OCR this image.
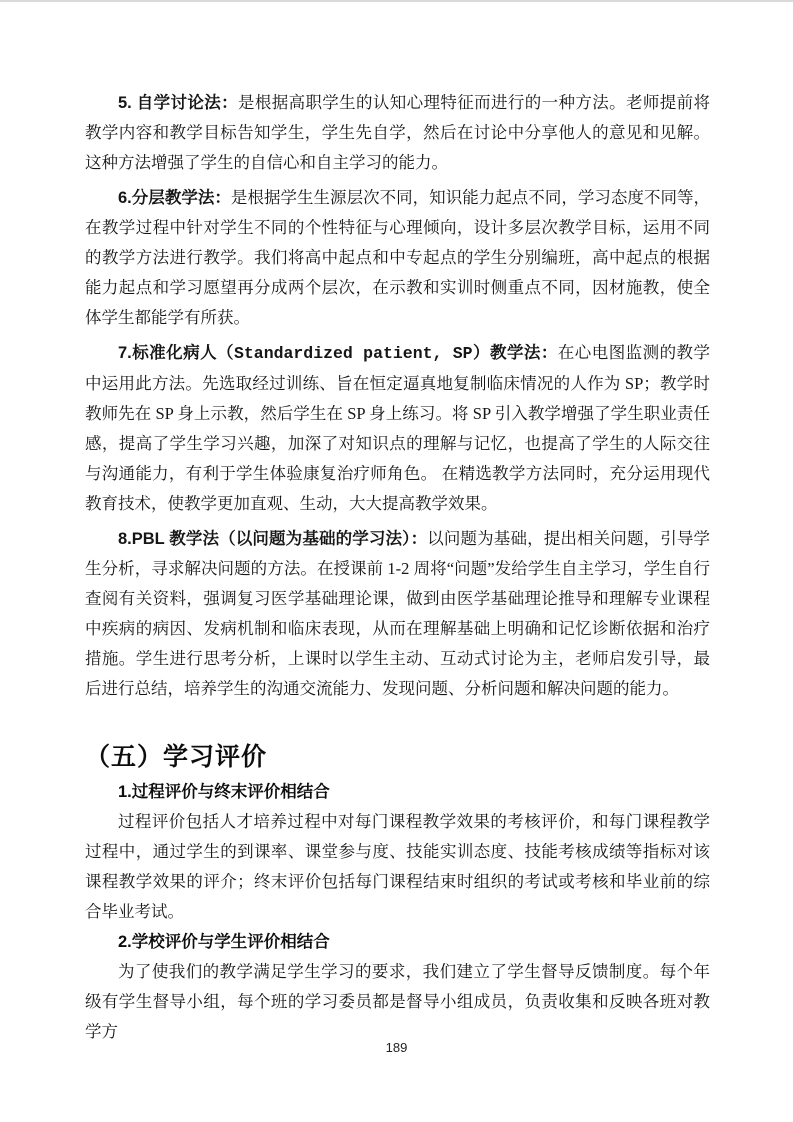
5. 自学讨论法：是根据高职学生的认知心理特征而进行的一种方法。老师提前将教学内容和教学目标告知学生，学生先自学，然后在讨论中分享他人的意见和见解。这种方法增强了学生的自信心和自主学习的能力。

6.分层教学法：是根据学生生源层次不同，知识能力起点不同，学习态度不同等，在教学过程中针对学生不同的个性特征与心理倾向，设计多层次教学目标，运用不同的教学方法进行教学。我们将高中起点和中专起点的学生分别编班，高中起点的根据能力起点和学习愿望再分成两个层次，在示教和实训时侧重点不同，因材施教，使全体学生都能学有所获。

7.标准化病人（Standardized patient, SP）教学法：在心电图监测的教学中运用此方法。先选取经过训练、旨在恒定逼真地复制临床情况的人作为 SP；教学时教师先在 SP 身上示教，然后学生在 SP 身上练习。将 SP 引入教学增强了学生职业责任感，提高了学生学习兴趣，加深了对知识点的理解与记忆，也提高了学生的人际交往与沟通能力，有利于学生体验康复治疗师角色。 在精选教学方法同时，充分运用现代教育技术，使教学更加直观、生动，大大提高教学效果。

8.PBL 教学法（以问题为基础的学习法）：以问题为基础，提出相关问题，引导学生分析，寻求解决问题的方法。在授课前 1-2 周将“问题”发给学生自主学习，学生自行查阅有关资料，强调复习医学基础理论课，做到由医学基础理论推导和理解专业课程中疾病的病因、发病机制和临床表现，从而在理解基础上明确和记忆诊断依据和治疗措施。学生进行思考分析，上课时以学生主动、互动式讨论为主，老师启发引导，最后进行总结，培养学生的沟通交流能力、发现问题、分析问题和解决问题的能力。

（五）学习评价
1.过程评价与终末评价相结合

过程评价包括人才培养过程中对每门课程教学效果的考核评价，和每门课程教学过程中，通过学生的到课率、课堂参与度、技能实训态度、技能考核成绩等指标对该课程教学效果的评介；终末评价包括每门课程结束时组织的考试或考核和毕业前的综合毕业考试。

2.学校评价与学生评价相结合

为了使我们的教学满足学生学习的要求，我们建立了学生督导反馈制度。每个年级有学生督导小组，每个班的学习委员都是督导小组成员，负责收集和反映各班对教学方

189
